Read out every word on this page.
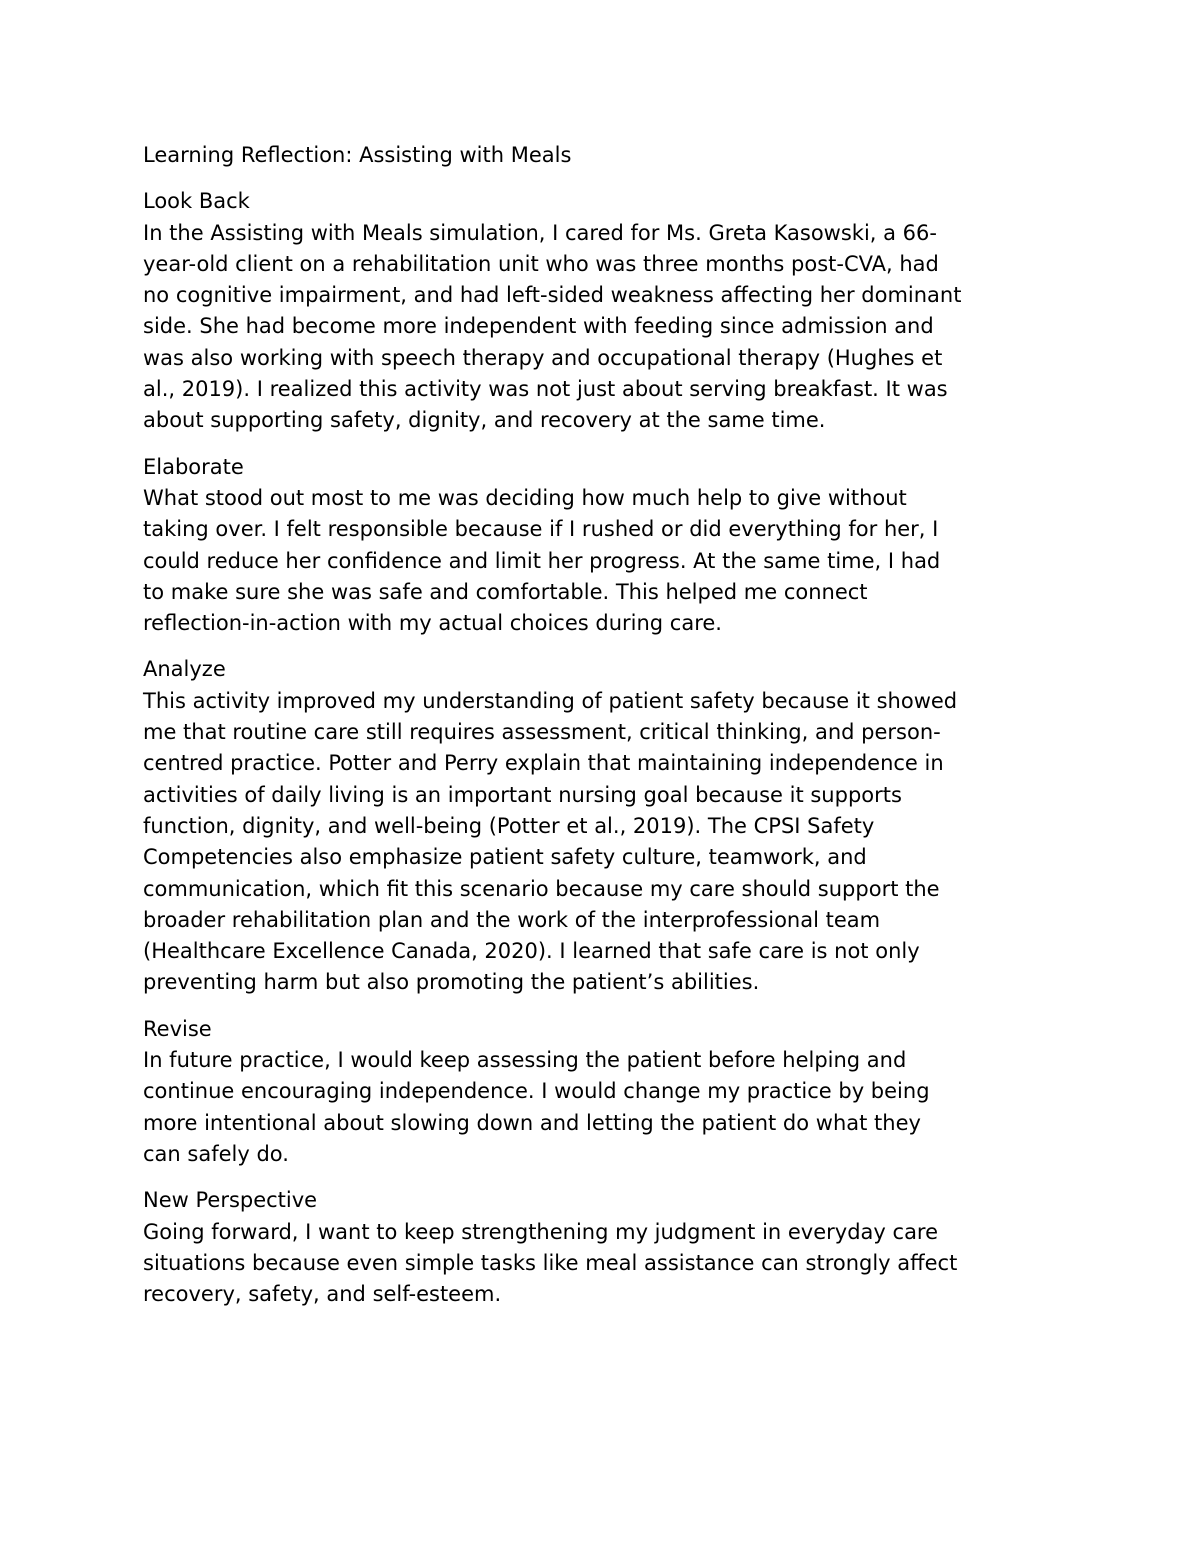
Learning Reflection: Assisting with Meals
Look Back

In the Assisting with Meals simulation, I cared for Ms. Greta Kasowski, a 66-
year-old client on a rehabilitation unit who was three months post-CVA, had
no cognitive impairment, and had left-sided weakness affecting her dominant
side. She had become more independent with feeding since admission and
was also working with speech therapy and occupational therapy (Hughes et
al., 2019). I realized this activity was not just about serving breakfast. It was
about supporting safety, dignity, and recovery at the same time.

Elaborate

What stood out most to me was deciding how much help to give without
taking over. I felt responsible because if I rushed or did everything for her, I
could reduce her confidence and limit her progress. At the same time, I had
to make sure she was safe and comfortable. This helped me connect
reflection-in-action with my actual choices during care.

Analyze

This activity improved my understanding of patient safety because it showed
me that routine care still requires assessment, critical thinking, and person-
centred practice. Potter and Perry explain that maintaining independence in
activities of daily living is an important nursing goal because it supports
function, dignity, and well-being (Potter et al., 2019). The CPSI Safety
Competencies also emphasize patient safety culture, teamwork, and
communication, which fit this scenario because my care should support the
broader rehabilitation plan and the work of the interprofessional team
(Healthcare Excellence Canada, 2020). I learned that safe care is not only
preventing harm but also promoting the patient’s abilities.

Revise

In future practice, I would keep assessing the patient before helping and
continue encouraging independence. I would change my practice by being
more intentional about slowing down and letting the patient do what they
can safely do.

New Perspective

Going forward, I want to keep strengthening my judgment in everyday care
situations because even simple tasks like meal assistance can strongly affect
recovery, safety, and self-esteem.
